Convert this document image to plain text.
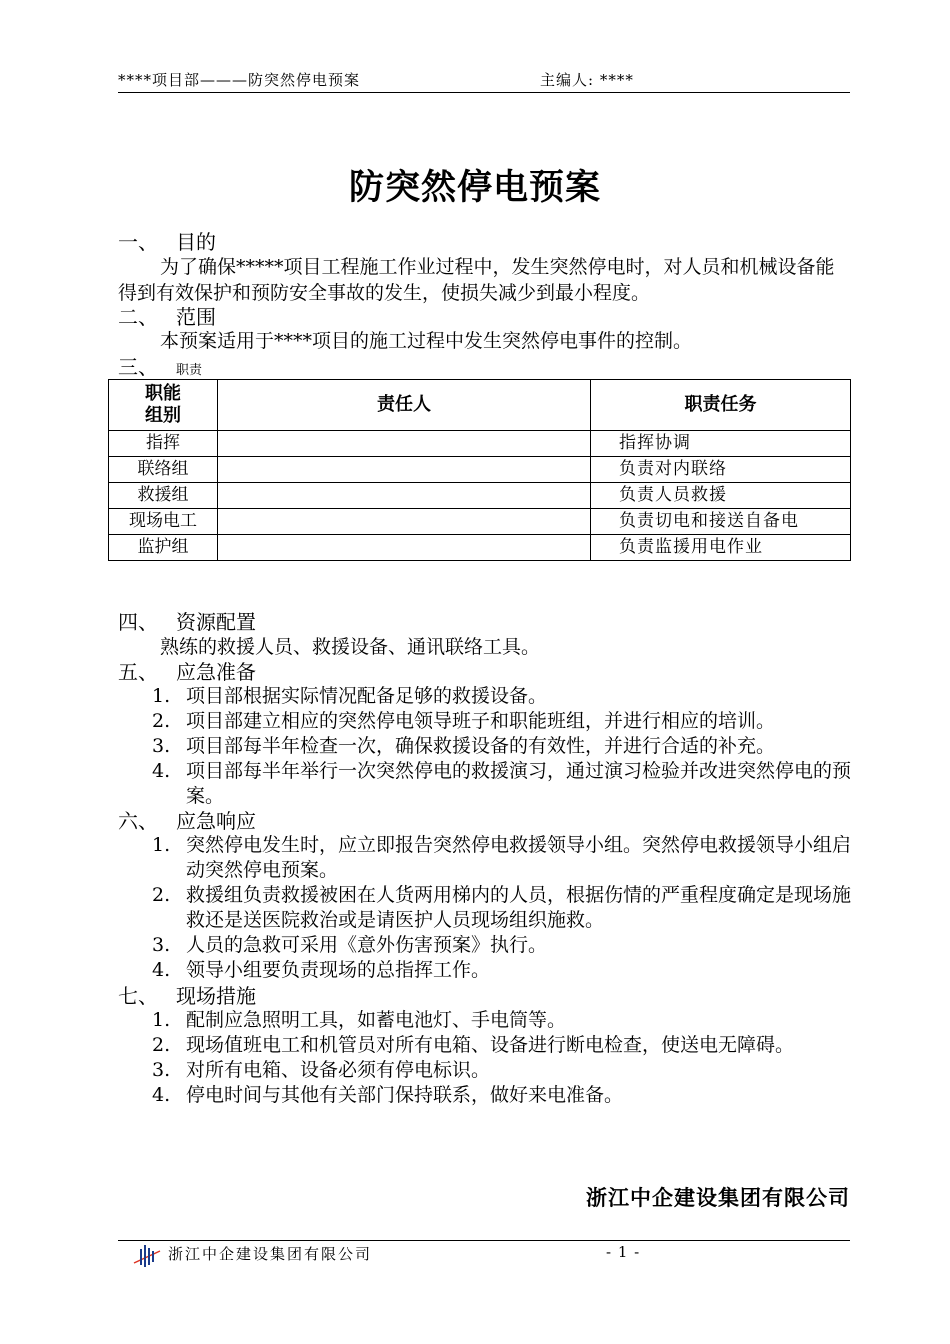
****项目部———防突然停电预案	主编人: ****
防突然停电预案
一、 目的
为了确保*****项目工程施工作业过程中，发生突然停电时，对人员和机械设备能得到有效保护和预防安全事故的发生，使损失减少到最小程度。
二、 范围
本预案适用于****项目的施工过程中发生突然停电事件的控制。
三、 职责
职能组别	责任人	职责任务
指挥		指挥协调
联络组		负责对内联络
救援组		负责人员救援
现场电工		负责切电和接送自备电
监护组		负责监援用电作业
四、 资源配置
熟练的救援人员、救援设备、通讯联络工具。
五、 应急准备
1. 项目部根据实际情况配备足够的救援设备。
2. 项目部建立相应的突然停电领导班子和职能班组，并进行相应的培训。
3. 项目部每半年检查一次，确保救援设备的有效性，并进行合适的补充。
4. 项目部每半年举行一次突然停电的救援演习，通过演习检验并改进突然停电的预案。
六、 应急响应
1. 突然停电发生时，应立即报告突然停电救援领导小组。突然停电救援领导小组启动突然停电预案。
2. 救援组负责救援被困在人货两用梯内的人员，根据伤情的严重程度确定是现场施救还是送医院救治或是请医护人员现场组织施救。
3. 人员的急救可采用《意外伤害预案》执行。
4. 领导小组要负责现场的总指挥工作。
七、 现场措施
1. 配制应急照明工具，如蓄电池灯、手电筒等。
2. 现场值班电工和机管员对所有电箱、设备进行断电检查，使送电无障碍。
3. 对所有电箱、设备必须有停电标识。
4. 停电时间与其他有关部门保持联系，做好来电准备。
浙江中企建设集团有限公司
浙江中企建设集团有限公司	- 1 -
